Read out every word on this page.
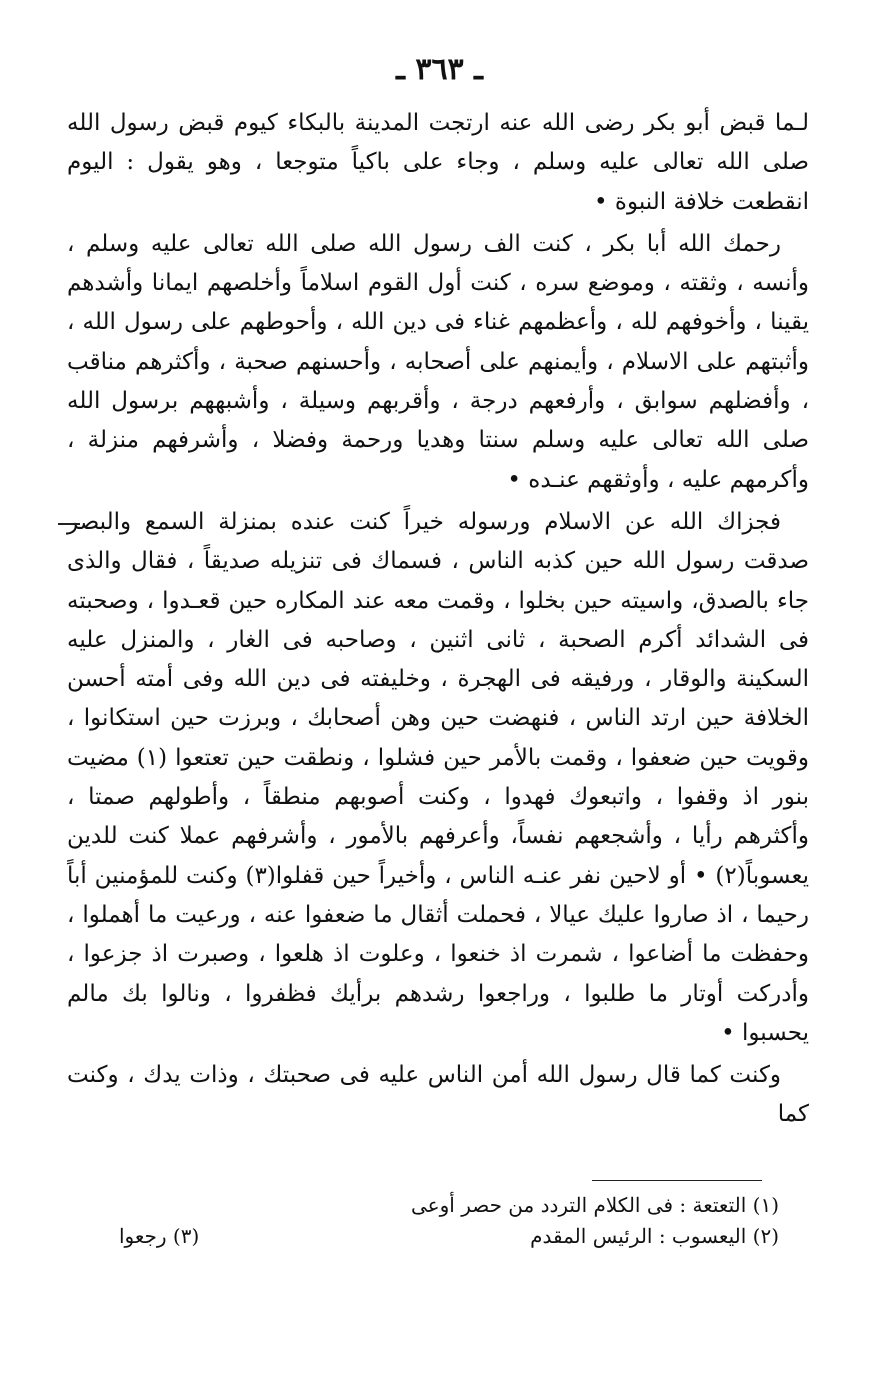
ـ ٣٦٣ ـ

لـما قبض أبو بكر رضى الله عنه ارتجت المدينة بالبكاء كيوم قبض رسول الله صلى الله تعالى عليه وسلم ، وجاء على باكياً متوجعا ، وهو يقول : اليوم انقطعت خلافة النبوة •

رحمك الله أبا بكر ، كنت الف رسول الله صلى الله تعالى عليه وسلم ، وأنسه ، وثقته ، وموضع سره ، كنت أول القوم اسلاماً وأخلصهم ايمانا وأشدهم يقينا ، وأخوفهم لله ، وأعظمهم غناء فى دين الله ، وأحوطهم على رسول الله ، وأثبتهم على الاسلام ، وأيمنهم على أصحابه ، وأحسنهم صحبة ، وأكثرهم مناقب ، وأفضلهم سوابق ، وأرفعهم درجة ، وأقربهم وسيلة ، وأشبههم برسول الله صلى الله تعالى عليه وسلم سنتا وهديا ورحمة وفضلا ، وأشرفهم منزلة ، وأكرمهم عليه ، وأوثقهم عنـده •

فجزاك الله عن الاسلام ورسوله خيراً كنت عنده بمنزلة السمع والبصر صدقت رسول الله حين كذبه الناس ، فسماك فى تنزيله صديقاً ، فقال والذى جاء بالصدق، واسيته حين بخلوا ، وقمت معه عند المكاره حين قعـدوا ، وصحبته فى الشدائد أكرم الصحبة ، ثانى اثنين ، وصاحبه فى الغار ، والمنزل عليه السكينة والوقار ، ورفيقه فى الهجرة ، وخليفته فى دين الله وفى أمته أحسن الخلافة حين ارتد الناس ، فنهضت حين وهن أصحابك ، وبرزت حين استكانوا ، وقويت حين ضعفوا ، وقمت بالأمر حين فشلوا ، ونطقت حين تعتعوا (١) مضيت بنور اذ وقفوا ، واتبعوك فهدوا ، وكنت أصوبهم منطقاً ، وأطولهم صمتا ، وأكثرهم رأيا ، وأشجعهم نفساً، وأعرفهم بالأمور ، وأشرفهم عملا كنت للدين يعسوباً(٢) • أو لاحين نفر عنـه الناس ، وأخيراً حين قفلوا(٣) وكنت للمؤمنين أباً رحيما ، اذ صاروا عليك عيالا ، فحملت أثقال ما ضعفوا عنه ، ورعيت ما أهملوا ، وحفظت ما أضاعوا ، شمرت اذ خنعوا ، وعلوت اذ هلعوا ، وصبرت اذ جزعوا ، وأدركت أوتار ما طلبوا ، وراجعوا رشدهم برأيك فظفروا ، ونالوا بك مالم يحسبوا •

وكنت كما قال رسول الله أمن الناس عليه فى صحبتك ، وذات يدك ، وكنت كما

(١) التعتعة : فى الكلام التردد من حصر أوعى
(٢) اليعسوب : الرئيس المقدم
(٣) رجعوا
